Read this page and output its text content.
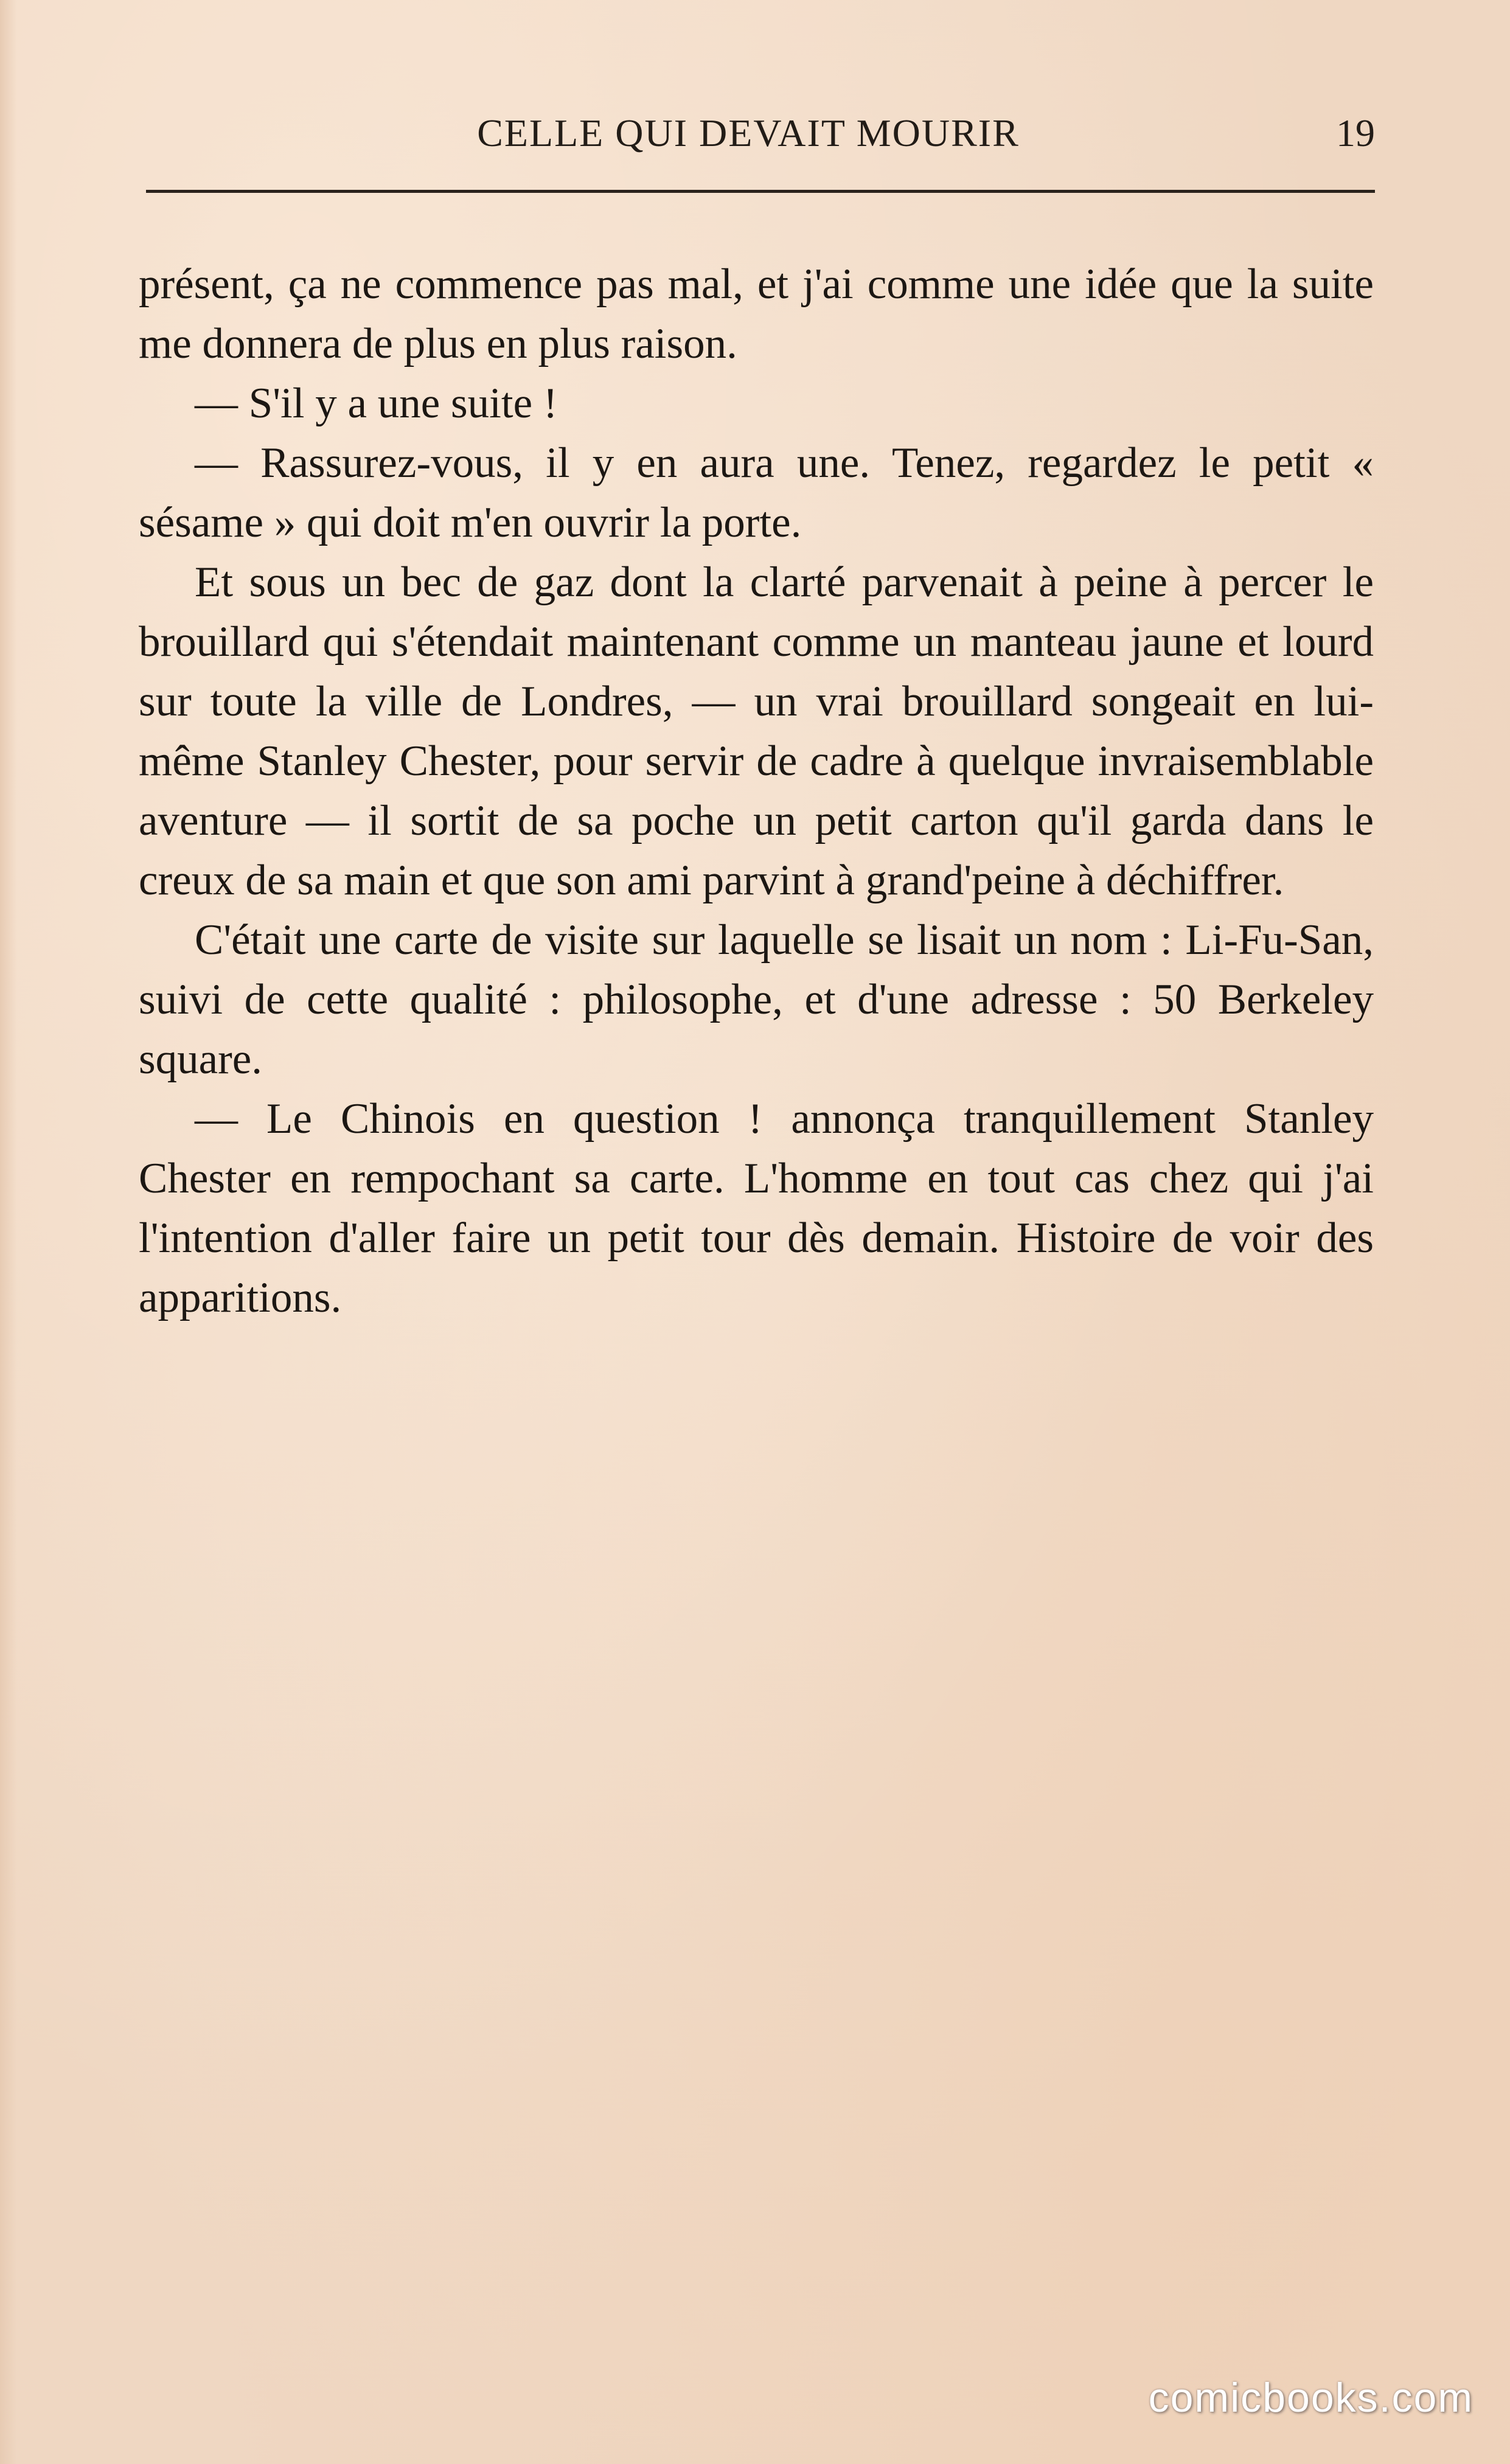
CELLE QUI DEVAIT MOURIR	19

présent, ça ne commence pas mal, et j'ai comme une idée que la suite me donnera de plus en plus raison.

— S'il y a une suite !

— Rassurez-vous, il y en aura une. Tenez, regardez le petit « sésame » qui doit m'en ouvrir la porte.

Et sous un bec de gaz dont la clarté parvenait à peine à percer le brouillard qui s'étendait maintenant comme un manteau jaune et lourd sur toute la ville de Londres, — un vrai brouillard songeait en lui-même Stanley Chester, pour servir de cadre à quelque invraisemblable aventure — il sortit de sa poche un petit carton qu'il garda dans le creux de sa main et que son ami parvint à grand'peine à déchiffrer.

C'était une carte de visite sur laquelle se lisait un nom : Li-Fu-San, suivi de cette qualité : philosophe, et d'une adresse : 50 Berkeley square.

— Le Chinois en question ! annonça tranquillement Stanley Chester en rempochant sa carte. L'homme en tout cas chez qui j'ai l'intention d'aller faire un petit tour dès demain. Histoire de voir des apparitions.

comicbooks.com
